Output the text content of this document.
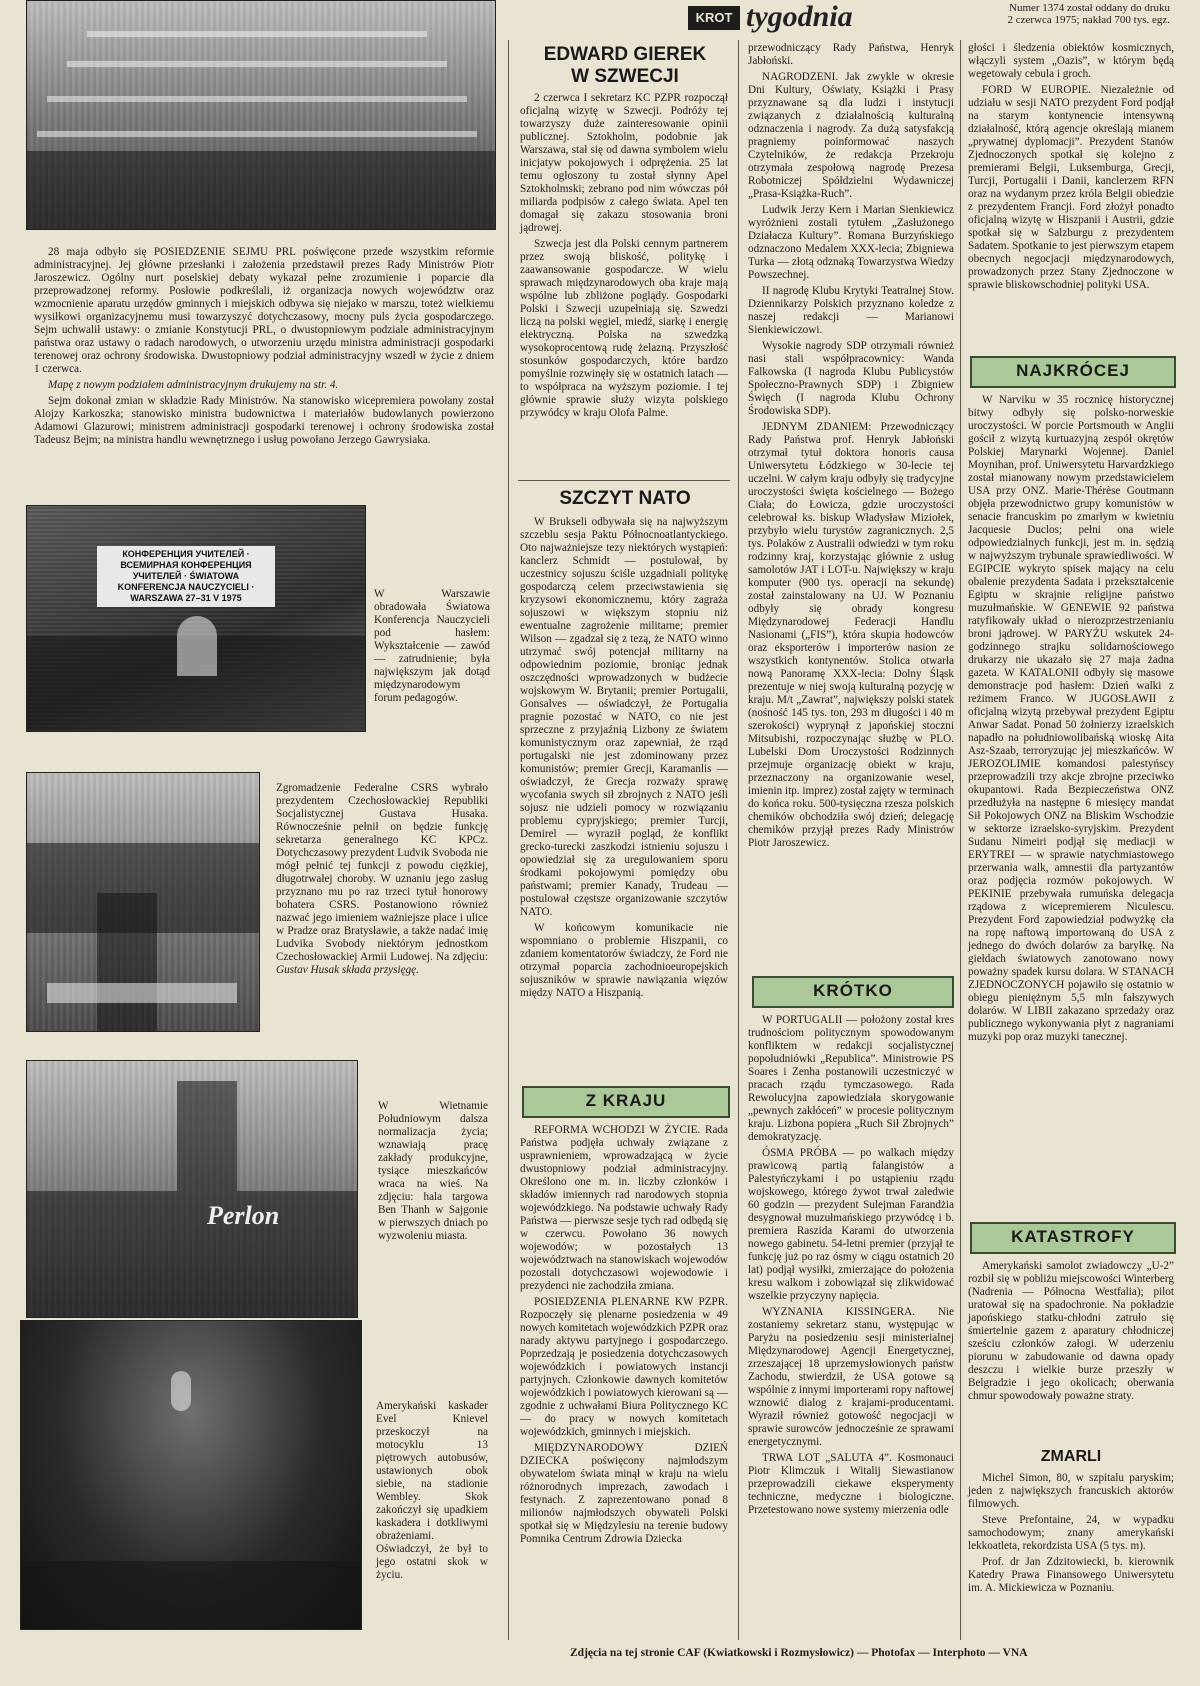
KROT tygodnia	Numer 1374 został oddany do druku
2 czerwca 1975; nakład 700 tys. egz.

28 maja odbyło się POSIEDZENIE SEJMU PRL poświęcone przede wszystkim reformie administracyjnej. Jej główne przesłanki i założenia przedstawił prezes Rady Ministrów Piotr Jaroszewicz. Ogólny nurt poselskiej debaty wykazał pełne zrozumienie i poparcie dla przeprowadzonej reformy. Posłowie podkreślali, iż organizacja nowych województw oraz wzmocnienie aparatu urzędów gminnych i miejskich odbywa się niejako w marszu, toteż wielkiemu wysiłkowi organizacyjnemu musi towarzyszyć dotychczasowy, mocny puls życia gospodarczego. Sejm uchwalił ustawy: o zmianie Konstytucji PRL, o dwustopniowym podziale administracyjnym państwa oraz ustawy o radach narodowych, o utworzeniu urzędu ministra administracji gospodarki terenowej oraz ochrony środowiska. Dwustopniowy podział administracyjny wszedł w życie z dniem 1 czerwca.

Mapę z nowym podziałem administracyjnym drukujemy na str. 4.

Sejm dokonał zmian w składzie Rady Ministrów. Na stanowisko wicepremiera powołany został Alojzy Karkoszka; stanowisko ministra budownictwa i materiałów budowlanych powierzono Adamowi Glazurowi; ministrem administracji gospodarki terenowej i ochrony środowiska został Tadeusz Bejm; na ministra handlu wewnętrznego i usług powołano Jerzego Gawrysiaka.

КОНФЕРЕНЦИЯ УЧИТЕЛЕЙ · ВСЕМИРНАЯ КОНФЕРЕНЦИЯ УЧИТЕЛЕЙ · ŚWIATOWA KONFERENCJA NAUCZYCIELI · WARSZAWA 27–31 V 1975	W Warszawie obradowała Światowa Konferencja Nauczycieli pod hasłem: Wykształcenie — zawód — zatrudnienie; była największym jak dotąd międzynarodowym forum pedagogów.
Zgromadzenie Federalne CSRS wybrało prezydentem Czechosłowackiej Republiki Socjalistycznej Gustava Husaka. Równocześnie pełnił on będzie funkcję sekretarza generalnego KC KPCz. Dotychczasowy prezydent Ludvik Svoboda nie mógł pełnić tej funkcji z powodu ciężkiej, długotrwałej choroby. W uznaniu jego zasług przyznano mu po raz trzeci tytuł honorowy bohatera CSRS. Postanowiono również nazwać jego imieniem ważniejsze place i ulice w Pradze oraz Bratysławie, a także nadać imię Ludvika Svobody niektórym jednostkom Czechosłowackiej Armii Ludowej. Na zdjęciu: Gustav Husak składa przysięgę.
Perlon
W Wietnamie Południowym dalsza normalizacja życia; wznawiają pracę zakłady produkcyjne, tysiące mieszkańców wraca na wieś. Na zdjęciu: hala targowa Ben Thanh w Sajgonie w pierwszych dniach po wyzwoleniu miasta.
Amerykański kaskader Evel Knievel przeskoczył na motocyklu 13 piętrowych autobusów, ustawionych obok siebie, na stadionie Wembley. Skok zakończył się upadkiem kaskadera i dotkliwymi obrażeniami. Oświadczył, że był to jego ostatni skok w życiu.
EDWARD GIEREK
W SZWECJI

2 czerwca I sekretarz KC PZPR rozpoczął oficjalną wizytę w Szwecji. Podróży tej towarzyszy duże zainteresowanie opinii publicznej. Sztokholm, podobnie jak Warszawa, stał się od dawna symbolem wielu inicjatyw pokojowych i odprężenia. 25 lat temu ogłoszony tu został słynny Apel Sztokholmski; zebrano pod nim wówczas pół miliarda podpisów z całego świata. Apel ten domagał się zakazu stosowania broni jądrowej.

Szwecja jest dla Polski cennym partnerem przez swoją bliskość, politykę i zaawansowanie gospodarcze. W wielu sprawach międzynarodowych oba kraje mają wspólne lub zbliżone poglądy. Gospodarki Polski i Szwecji uzupełniają się. Szwedzi liczą na polski węgiel, miedź, siarkę i energię elektryczną. Polska na szwedzką wysokoprocentową rudę żelazną. Przyszłość stosunków gospodarczych, które bardzo pomyślnie rozwinęły się w ostatnich latach — to współpraca na wyższym poziomie. I tej głównie sprawie służy wizyta polskiego przywódcy w kraju Olofa Palme.

SZCZYT NATO

W Brukseli odbywała się na najwyższym szczeblu sesja Paktu Północnoatlantyckiego. Oto najważniejsze tezy niektórych wystąpień: kanclerz Schmidt — postulował, by uczestnicy sojuszu ściśle uzgadniali politykę gospodarczą celem przeciwstawienia się kryzysowi ekonomicznemu, który zagraża sojuszowi w większym stopniu niż ewentualne zagrożenie militarne; premier Wilson — zgadzał się z tezą, że NATO winno utrzymać swój potencjał militarny na odpowiednim poziomie, broniąc jednak oszczędności wprowadzonych w budżecie wojskowym W. Brytanii; premier Portugalii, Gonsalves — oświadczył, że Portugalia pragnie pozostać w NATO, co nie jest sprzeczne z przyjaźnią Lizbony ze światem komunistycznym oraz zapewniał, że rząd portugalski nie jest zdominowany przez komunistów; premier Grecji, Karamanlis — oświadczył, że Grecja rozważy sprawę wycofania swych sił zbrojnych z NATO jeśli sojusz nie udzieli pomocy w rozwiązaniu problemu cypryjskiego; premier Turcji, Demirel — wyraził pogląd, że konflikt grecko-turecki zaszkodzi istnieniu sojuszu i opowiedział się za uregulowaniem sporu środkami pokojowymi pomiędzy obu państwami; premier Kanady, Trudeau — postulował częstsze organizowanie szczytów NATO.

W końcowym komunikacie nie wspomniano o problemie Hiszpanii, co zdaniem komentatorów świadczy, że Ford nie otrzymał poparcia zachodnioeuropejskich sojuszników w sprawie nawiązania więzów między NATO a Hiszpanią.

Z KRAJU

REFORMA WCHODZI W ŻYCIE. Rada Państwa podjęła uchwały związane z usprawnieniem, wprowadzającą w życie dwustopniowy podział administracyjny. Określono one m. in. liczby członków i składów imiennych rad narodowych stopnia wojewódzkiego. Na podstawie uchwały Rady Państwa — pierwsze sesje tych rad odbędą się w czerwcu. Powołano 36 nowych wojewodów; w pozostałych 13 województwach na stanowiskach wojewodów pozostali dotychczasowi wojewodowie i prezydenci nie zachodziła zmiana.

POSIEDZENIA PLENARNE KW PZPR. Rozpoczęły się plenarne posiedzenia w 49 nowych komitetach wojewódzkich PZPR oraz narady aktywu partyjnego i gospodarczego. Poprzedzają je posiedzenia dotychczasowych wojewódzkich i powiatowych instancji partyjnych. Członkowie dawnych komitetów wojewódzkich i powiatowych kierowani są — zgodnie z uchwałami Biura Politycznego KC — do pracy w nowych komitetach wojewódzkich, gminnych i miejskich.

MIĘDZYNARODOWY DZIEŃ DZIECKA poświęcony najmłodszym obywatelom świata minął w kraju na wielu różnorodnych imprezach, zawodach i festynach. Z zaprezentowano ponad 8 milionów najmłodszych obywateli Polski spotkał się w Międzylesiu na terenie budowy Pomnika Centrum Zdrowia Dziecka

przewodniczący Rady Państwa, Henryk Jabłoński.

NAGRODZENI. Jak zwykle w okresie Dni Kultury, Oświaty, Książki i Prasy przyznawane są dla ludzi i instytucji związanych z działalnością kulturalną odznaczenia i nagrody. Za dużą satysfakcją pragniemy poinformować naszych Czytelników, że redakcja Przekroju otrzymała zespołową nagrodę Prezesa Robotniczej Spółdzielni Wydawniczej „Prasa-Książka-Ruch”.

Ludwik Jerzy Kern i Marian Sienkiewicz wyróżnieni zostali tytułem „Zasłużonego Działacza Kultury”. Romana Burzyńskiego odznaczono Medalem XXX-lecia; Zbigniewa Turka — złotą odznaką Towarzystwa Wiedzy Powszechnej.

II nagrodę Klubu Krytyki Teatralnej Stow. Dziennikarzy Polskich przyznano koledze z naszej redakcji — Marianowi Sienkiewiczowi.

Wysokie nagrody SDP otrzymali również nasi stali współpracownicy: Wanda Falkowska (I nagroda Klubu Publicystów Społeczno-Prawnych SDP) i Zbigniew Święch (I nagroda Klubu Ochrony Środowiska SDP).

JEDNYM ZDANIEM: Przewodniczący Rady Państwa prof. Henryk Jabłoński otrzymał tytuł doktora honoris causa Uniwersytetu Łódzkiego w 30-lecie tej uczelni. W całym kraju odbyły się tradycyjne uroczystości święta kościelnego — Bożego Ciała; do Łowicza, gdzie uroczystości celebrował ks. biskup Władysław Miziołek, przybyło wielu turystów zagranicznych. 2,5 tys. Polaków z Australii odwiedzi w tym roku rodzinny kraj, korzystając głównie z usług samolotów JAT i LOT-u. Największy w kraju komputer (900 tys. operacji na sekundę) został zainstalowany na UJ. W Poznaniu odbyły się obrady kongresu Międzynarodowej Federacji Handlu Nasionami („FIS”), która skupia hodowców oraz eksporterów i importerów nasion ze wszystkich kontynentów. Stolica otwarła nową Panoramę XXX-lecia: Dolny Śląsk prezentuje w niej swoją kulturalną pozycję w kraju. M/t „Zawrat”, największy polski statek (nośność 145 tys. ton, 293 m długości i 40 m szerokości) wyprynął z japońskiej stoczni Mitsubishi, rozpoczynając służbę w PLO. Lubelski Dom Uroczystości Rodzinnych przejmuje organizację obiekt w kraju, przeznaczony na organizowanie wesel, imienin itp. imprez) został zajęty w terminach do końca roku. 500-tysięczna rzesza polskich chemików obchodziła swój dzień; delegację chemików przyjął prezes Rady Ministrów Piotr Jaroszewicz.

KRÓTKO

W PORTUGALII — położony został kres trudnościom politycznym spowodowanym konfliktem w redakcji socjalistycznej popołudniówki „Republica”. Ministrowie PS Soares i Zenha postanowili uczestniczyć w pracach rządu tymczasowego. Rada Rewolucyjna zapowiedziała skorygowanie „pewnych zakłóceń” w procesie politycznym kraju. Lizbona popiera „Ruch Sił Zbrojnych” demokratyzację.

ÓSMA PRÓBA — po walkach między prawicową partią falangistów a Palestyńczykami i po ustąpieniu rządu wojskowego, którego żywot trwał zaledwie 60 godzin — prezydent Sulejman Farandżia desygnował muzułmańskiego przywódcę i b. premiera Raszida Karami do utworzenia nowego gabinetu. 54-letni premier (przyjął te funkcję już po raz ósmy w ciągu ostatnich 20 lat) podjął wysiłki, zmierzające do położenia kresu walkom i zobowiązał się zlikwidować wszelkie przyczyny napięcia.

WYZNANIA KISSINGERA. Nie zostaniemy sekretarz stanu, występując w Paryżu na posiedzeniu sesji ministerialnej Międzynarodowej Agencji Energetycznej, zrzeszającej 18 uprzemysłowionych państw Zachodu, stwierdził, że USA gotowe są wspólnie z innymi importerami ropy naftowej wznowić dialog z krajami-producentami. Wyraził również gotowość negocjacji w sprawie surowców jednocześnie ze sprawami energetycznymi.

TRWA LOT „SALUTA 4”. Kosmonauci Piotr Klimczuk i Witalij Siewastianow przeprowadzili ciekawe eksperymenty techniczne, medyczne i biologiczne. Przetestowano nowe systemy mierzenia odle

głości i śledzenia obiektów kosmicznych, włączyli system „Oazis”, w którym będą wegetowały cebula i groch.

FORD W EUROPIE. Niezależnie od udziału w sesji NATO prezydent Ford podjął na starym kontynencie intensywną działalność, którą agencje określają mianem „prywatnej dyplomacji”. Prezydent Stanów Zjednoczonych spotkał się kolejno z premierami Belgii, Luksemburga, Grecji, Turcji, Portugalii i Danii, kanclerzem RFN oraz na wydanym przez króla Belgii obiedzie z prezydentem Francji. Ford złożył ponadto oficjalną wizytę w Hiszpanii i Austrii, gdzie spotkał się w Salzburgu z prezydentem Sadatem. Spotkanie to jest pierwszym etapem obecnych negocjacji międzynarodowych, prowadzonych przez Stany Zjednoczone w sprawie bliskowschodniej polityki USA.

NAJKRÓCEJ

W Narviku w 35 rocznicę historycznej bitwy odbyły się polsko-norweskie uroczystości. W porcie Portsmouth w Anglii gościł z wizytą kurtuazyjną zespół okrętów Polskiej Marynarki Wojennej. Daniel Moynihan, prof. Uniwersytetu Harvardzkiego został mianowany nowym przedstawicielem USA przy ONZ. Marie-Thérèse Goutmann objęła przewodnictwo grupy komunistów w senacie francuskim po zmarłym w kwietniu Jacquesie Duclos; pełni ona wiele odpowiedzialnych funkcji, jest m. in. sędzią w najwyższym trybunale sprawiedliwości. W EGIPCIE wykryto spisek mający na celu obalenie prezydenta Sadata i przekształcenie Egiptu w skrajnie religijne państwo muzułmańskie. W GENEWIE 92 państwa ratyfikowały układ o nierozprzestrzenianiu broni jądrowej. W PARYŻU wskutek 24-godzinnego strajku solidarnościowego drukarzy nie ukazało się 27 maja żadna gazeta. W KATALONII odbyły się masowe demonstracje pod hasłem: Dzień walki z reżimem Franco. W JUGOSŁAWII z oficjalną wizytą przebywał prezydent Egiptu Anwar Sadat. Ponad 50 żołnierzy izraelskich napadło na południowolibańską wioskę Aita Asz-Szaab, terroryzując jej mieszkańców. W JEROZOLIMIE komandosi palestyńscy przeprowadzili trzy akcje zbrojne przeciwko okupantowi. Rada Bezpieczeństwa ONZ przedłużyła na następne 6 miesięcy mandat Sił Pokojowych ONZ na Bliskim Wschodzie w sektorze izraelsko-syryjskim. Prezydent Sudanu Nimeiri podjął się mediacji w ERYTREI — w sprawie natychmiastowego przerwania walk, amnestii dla partyzantów oraz podjęcia rozmów pokojowych. W PEKINIE przebywała rumuńska delegacja rządowa z wicepremierem Niculescu. Prezydent Ford zapowiedział podwyżkę cła na ropę naftową importowaną do USA z jednego do dwóch dolarów za baryłkę. Na giełdach światowych zanotowano nowy poważny spadek kursu dolara. W STANACH ZJEDNOCZONYCH pojawiło się ostatnio w obiegu pieniężnym 5,5 mln fałszywych dolarów. W LIBII zakazano sprzedaży oraz publicznego wykonywania płyt z nagraniami muzyki pop oraz muzyki tanecznej.

KATASTROFY

Amerykański samolot zwiadowczy „U-2” rozbił się w pobliżu miejscowości Winterberg (Nadrenia — Północna Westfalia); pilot uratował się na spadochronie. Na pokładzie japońskiego statku-chłodni zatruło się śmiertelnie gazem z aparatury chłodniczej sześciu członków załogi. W uderzeniu piorunu w zabudowanie od dawna opady deszczu i wielkie burze przeszły w Belgradzie i jego okolicach; oberwania chmur spowodowały poważne straty.

ZMARLI

Michel Simon, 80, w szpitalu paryskim; jeden z największych francuskich aktorów filmowych.

Steve Prefontaine, 24, w wypadku samochodowym; znany amerykański lekkoatleta, rekordzista USA (5 tys. m).

Prof. dr Jan Zdzitowiecki, b. kierownik Katedry Prawa Finansowego Uniwersytetu im. A. Mickiewicza w Poznaniu.

Zdjęcia na tej stronie CAF (Kwiatkowski i Rozmysłowicz) — Photofax — Interphoto — VNA
